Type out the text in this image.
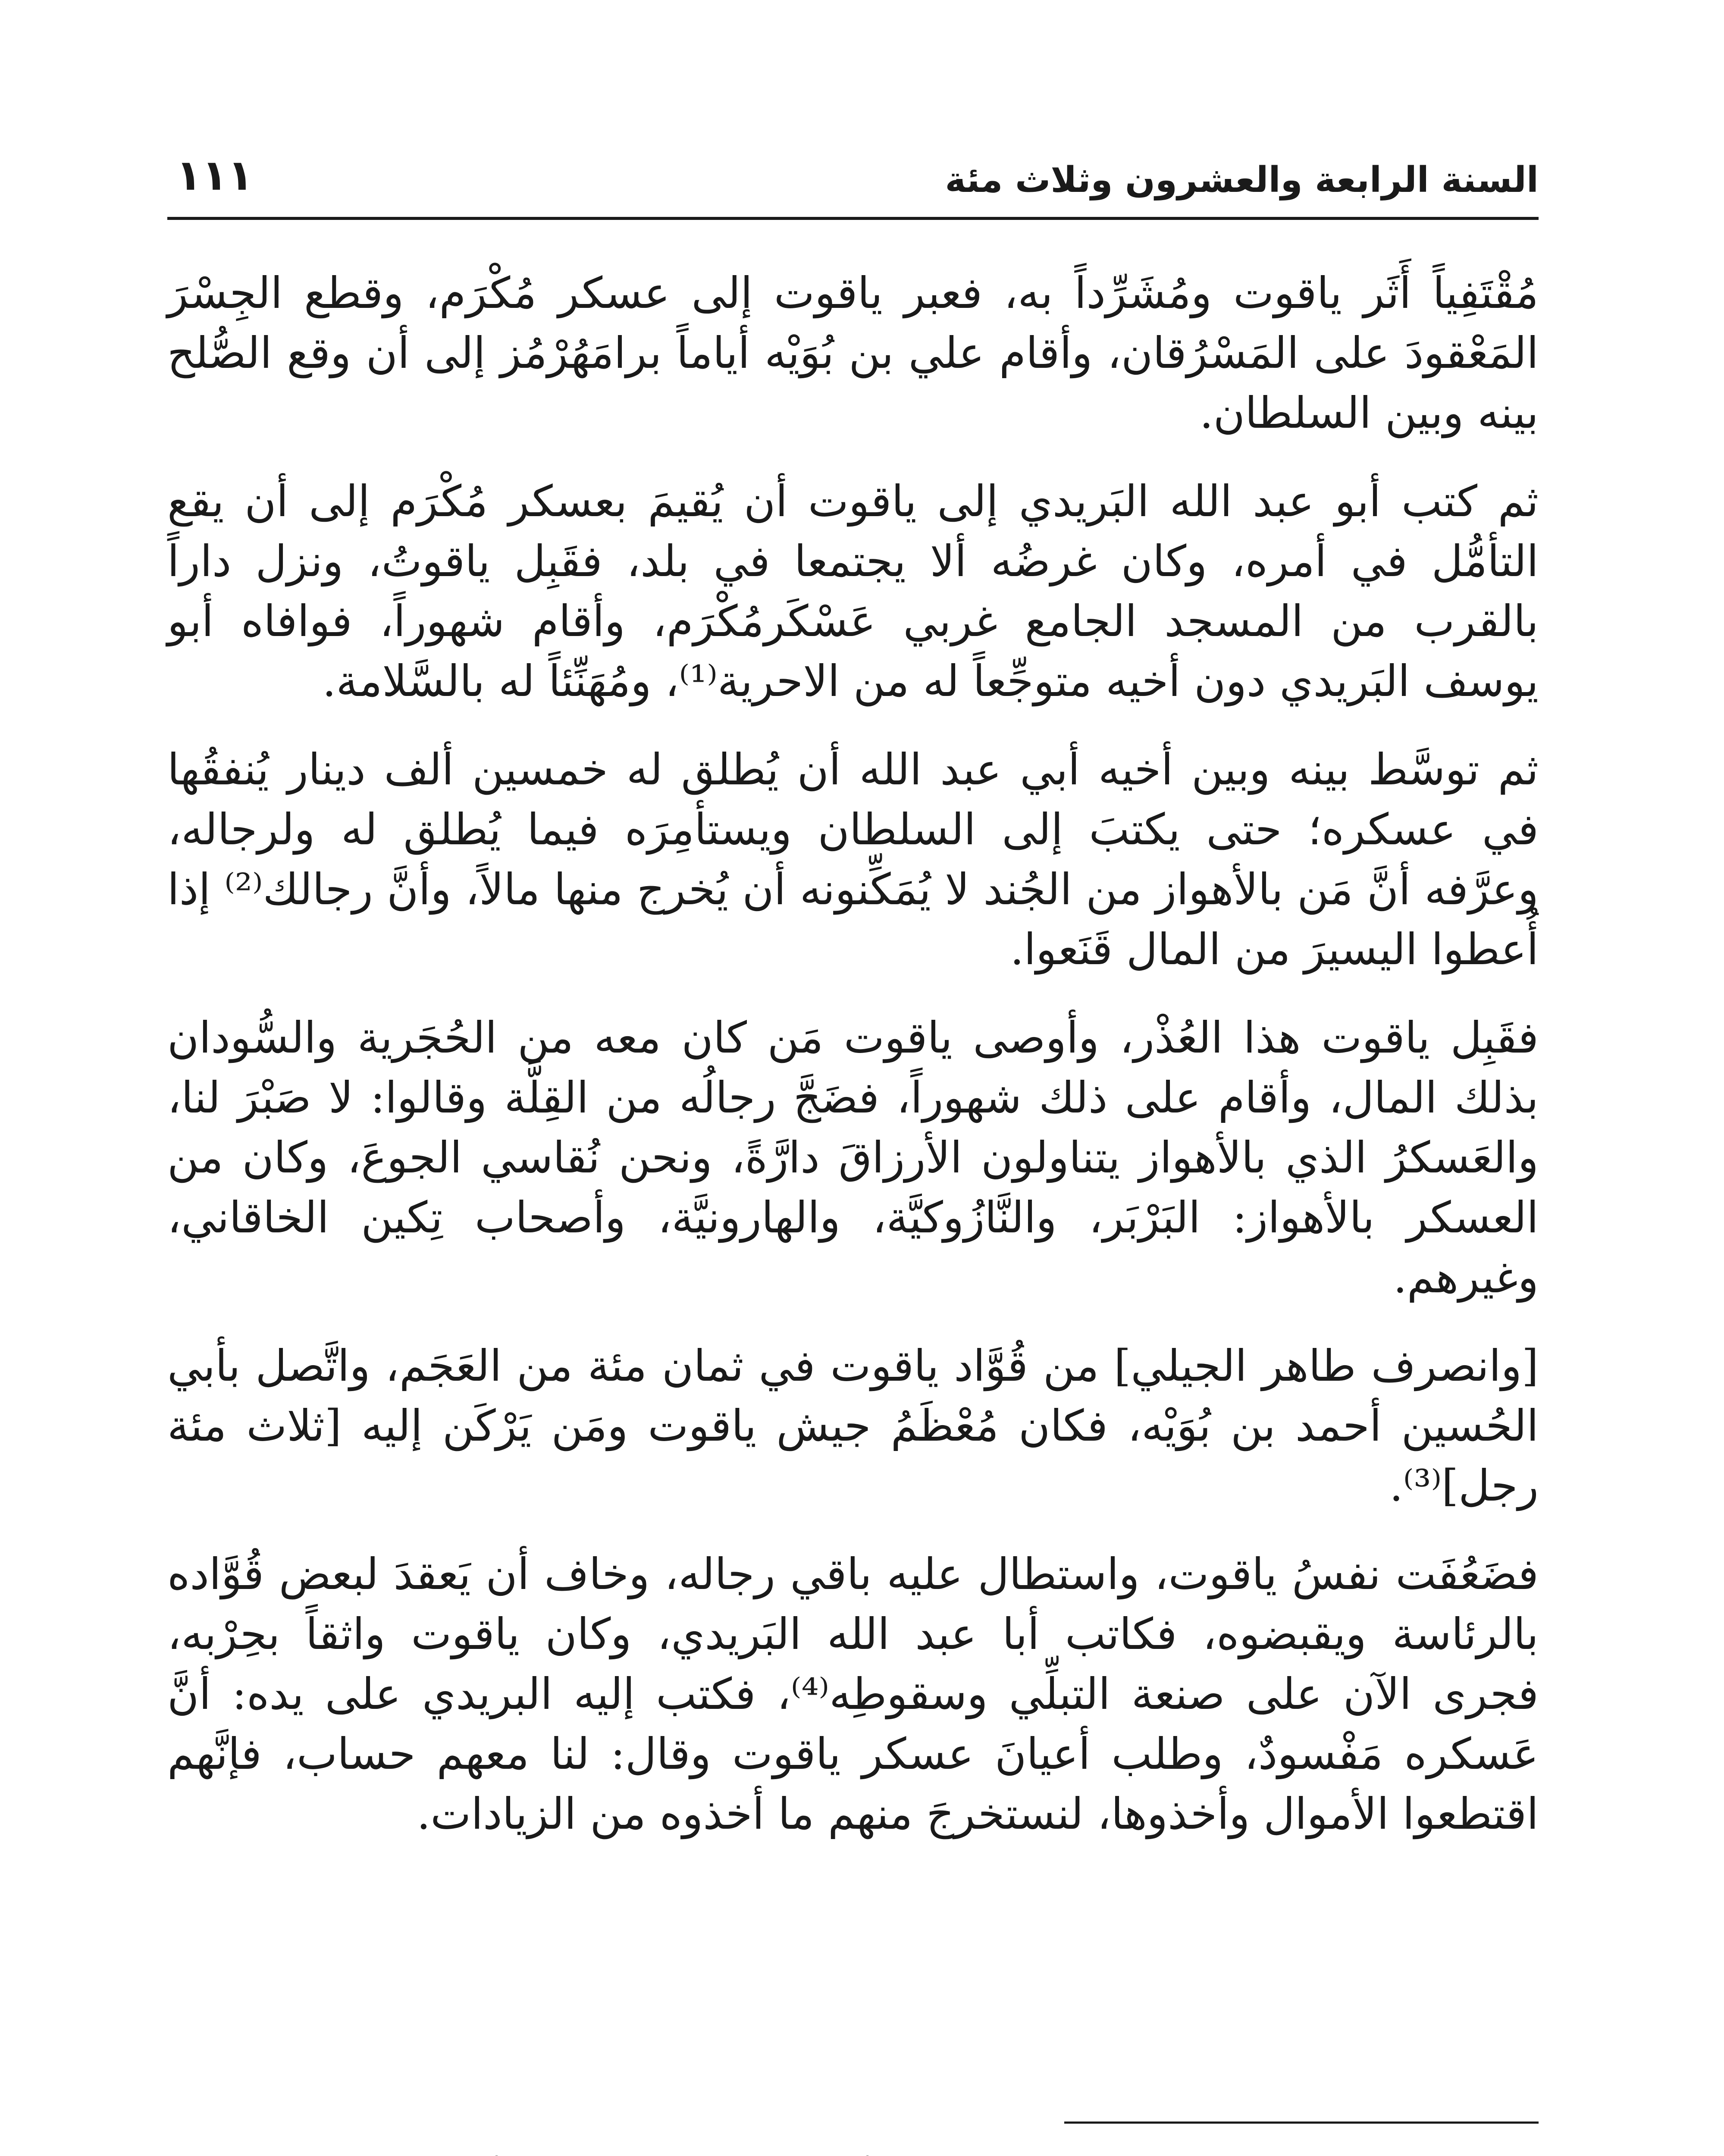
السنة الرابعة والعشرون وثلاث مئة
١١١

مُقْتَفِياً أَثَر ياقوت ومُشَرِّداً به، فعبر ياقوت إلى عسكر مُكْرَم، وقطع الجِسْرَ المَعْقودَ على المَسْرُقان، وأقام علي بن بُوَيْه أياماً برامَهُرْمُز إلى أن وقع الصُّلح بينه وبين السلطان.

ثم كتب أبو عبد الله البَريدي إلى ياقوت أن يُقيمَ بعسكر مُكْرَم إلى أن يقع التأمُّل في أمره، وكان غرضُه ألا يجتمعا في بلد، فقَبِل ياقوتُ، ونزل داراً بالقرب من المسجد الجامع غربي عَسْكَرمُكْرَم، وأقام شهوراً، فوافاه أبو يوسف البَريدي دون أخيه متوجِّعاً له من الاحرية⁽¹⁾، ومُهَنِّئاً له بالسَّلامة.

ثم توسَّط بينه وبين أخيه أبي عبد الله أن يُطلق له خمسين ألف دينار يُنفقُها في عسكره؛ حتى يكتبَ إلى السلطان ويستأمِرَه فيما يُطلق له ولرجاله، وعرَّفه أنَّ مَن بالأهواز من الجُند لا يُمَكِّنونه أن يُخرج منها مالاً، وأنَّ رجالك⁽²⁾ إذا أُعطوا اليسيرَ من المال قَنَعوا.

فقَبِل ياقوت هذا العُذْر، وأوصى ياقوت مَن كان معه من الحُجَرية والسُّودان بذلك المال، وأقام على ذلك شهوراً، فضَجَّ رجالُه من القِلَّة وقالوا: لا صَبْرَ لنا، والعَسكرُ الذي بالأهواز يتناولون الأرزاقَ دارَّةً، ونحن نُقاسي الجوعَ، وكان من العسكر بالأهواز: البَرْبَر، والنَّازُوكيَّة، والهارونيَّة، وأصحاب تِكين الخاقاني، وغيرهم.

[وانصرف طاهر الجيلي] من قُوَّاد ياقوت في ثمان مئة من العَجَم، واتَّصل بأبي الحُسين أحمد بن بُوَيْه، فكان مُعْظَمُ جيش ياقوت ومَن يَرْكَن إليه [ثلاث مئة رجل]⁽³⁾.

فضَعُفَت نفسُ ياقوت، واستطال عليه باقي رجاله، وخاف أن يَعقدَ لبعض قُوَّاده بالرئاسة ويقبضوه، فكاتب أبا عبد الله البَريدي، وكان ياقوت واثقاً بحِرْبه، فجرى الآن على صنعة التبلِّي وسقوطِه⁽⁴⁾، فكتب إليه البريدي على يده: أنَّ عَسكره مَفْسودٌ، وطلب أعيانَ عسكر ياقوت وقال: لنا معهم حساب، فإنَّهم اقتطعوا الأموال وأخذوها، لنستخرجَ منهم ما أخذوه من الزيادات.
